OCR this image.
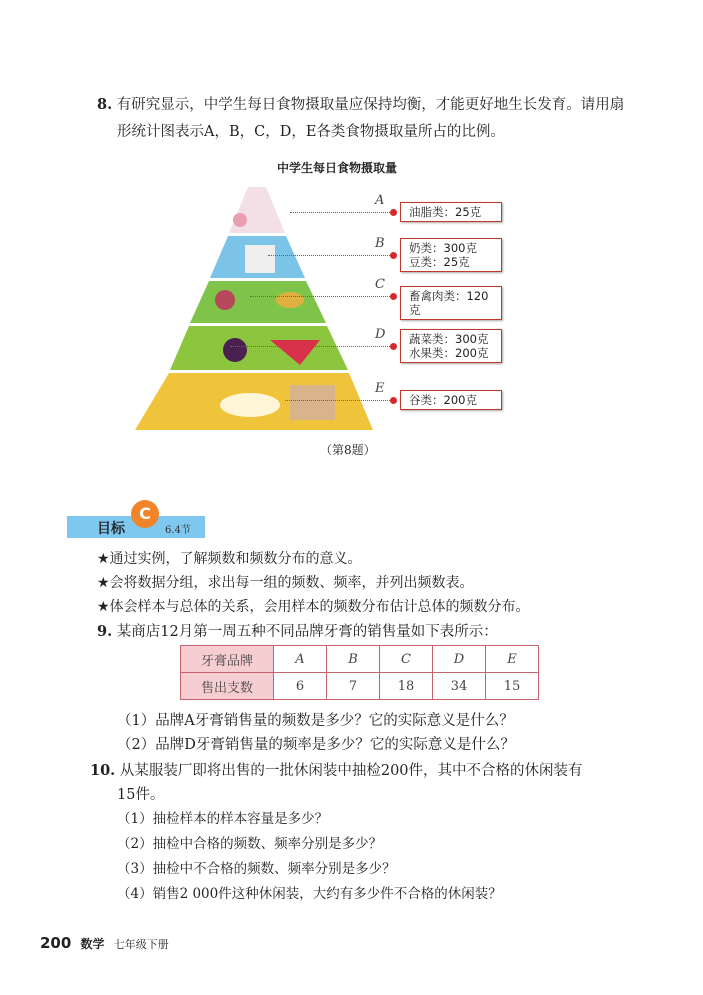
8. 有研究显示，中学生每日食物摄取量应保持均衡，才能更好地生长发育。请用扇
形统计图表示A，B，C，D，E各类食物摄取量所占的比例。
中学生每日食物摄取量
A
油脂类：25克
B 奶类：300克
豆类：25克
C
畜禽肉类：120克
D 蔬菜类：300克
水果类：200克
E
谷类：200克
（第8题）
目标	6.4节
C
★通过实例，了解频数和频数分布的意义。
★会将数据分组，求出每一组的频数、频率，并列出频数表。
★体会样本与总体的关系，会用样本的频数分布估计总体的频数分布。
9. 某商店12月第一周五种不同品牌牙膏的销售量如下表所示：
牙膏品牌	A	B	C	D	E
售出支数	6	7	18	34	15
（1）品牌A牙膏销售量的频数是多少？它的实际意义是什么？
（2）品牌D牙膏销售量的频率是多少？它的实际意义是什么？
10. 从某服装厂即将出售的一批休闲装中抽检200件，其中不合格的休闲装有
15件。
（1）抽检样本的样本容量是多少？
（2）抽检中合格的频数、频率分别是多少？
（3）抽检中不合格的频数、频率分别是多少？
（4）销售2 000件这种休闲装，大约有多少件不合格的休闲装？
200 数学 七年级下册
